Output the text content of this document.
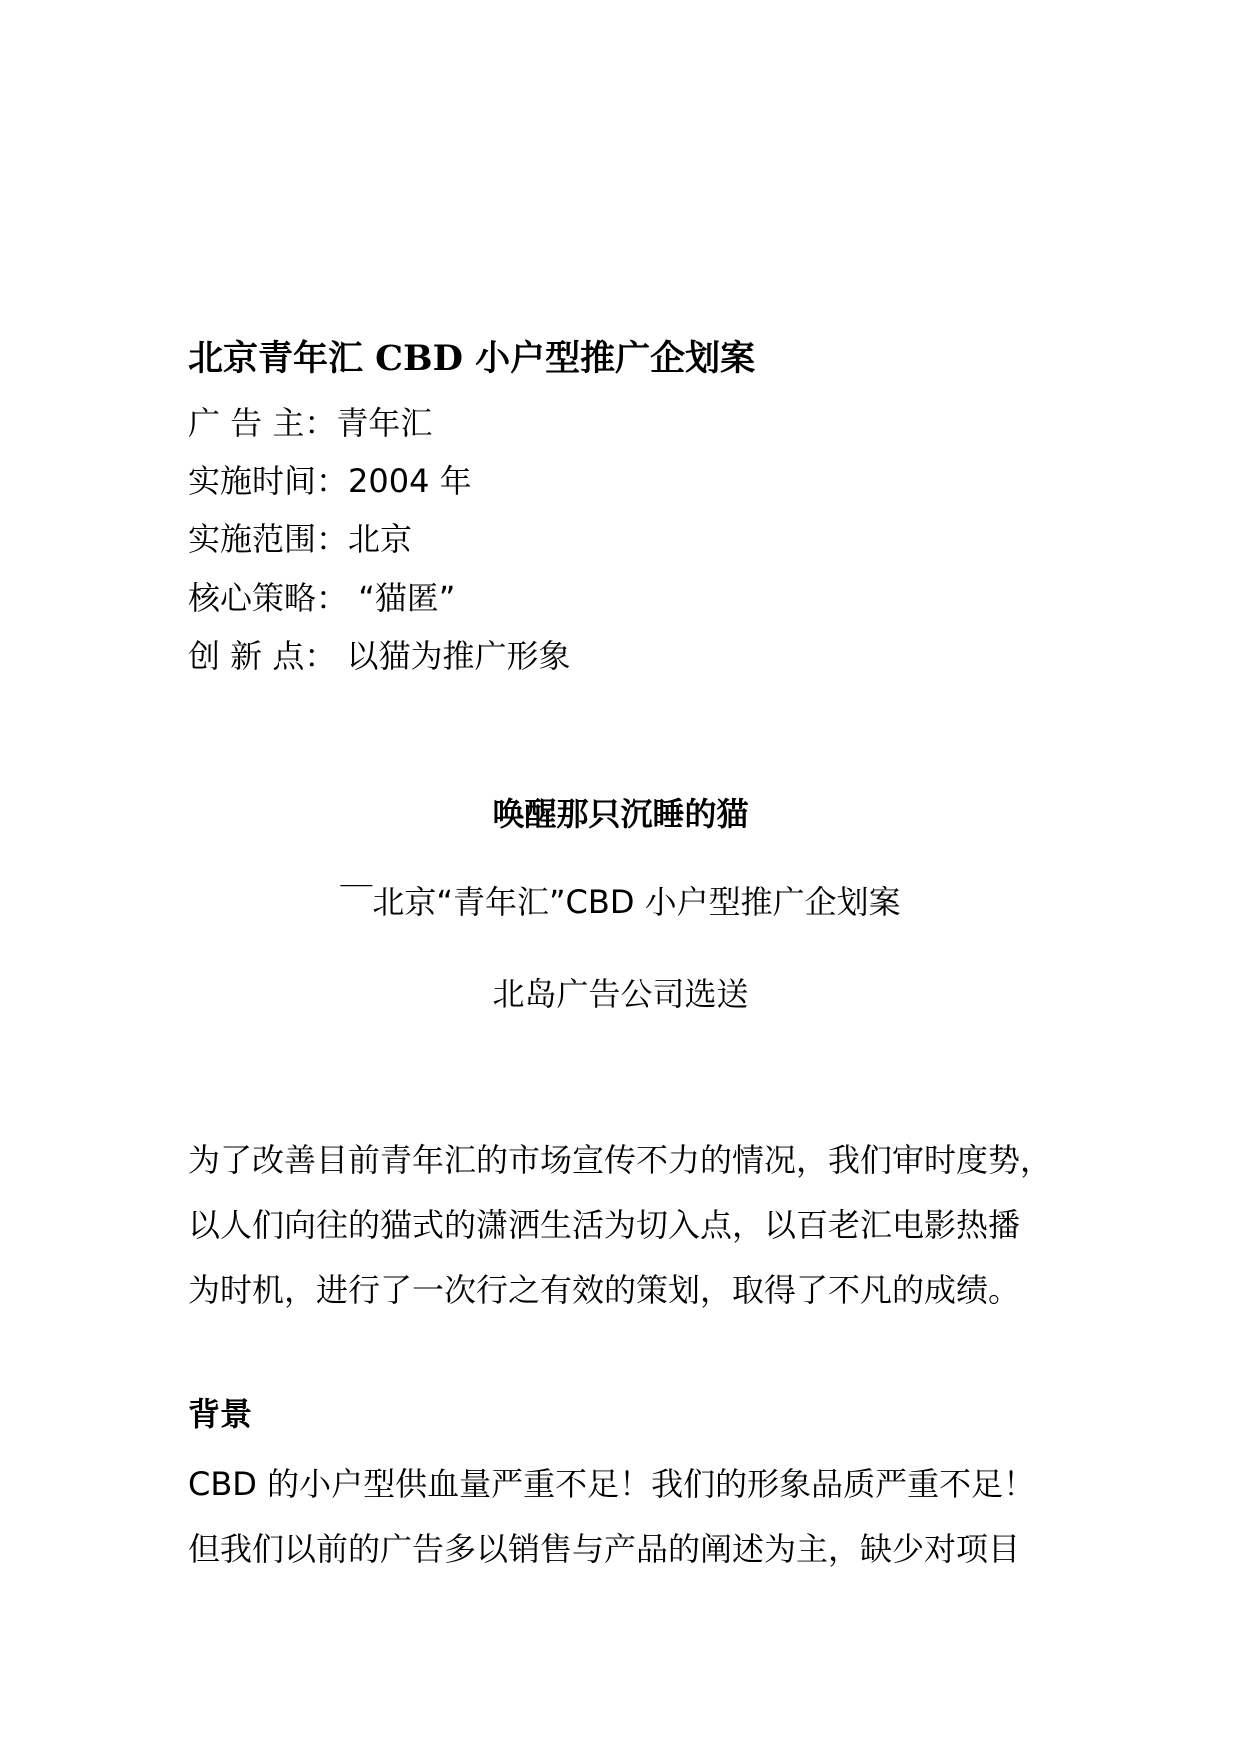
北京青年汇 CBD 小户型推广企划案
广 告 主：青年汇
实施时间：2004 年
实施范围：北京
核心策略： “猫匿”
创 新 点： 以猫为推广形象
唤醒那只沉睡的猫
￣北京“青年汇”CBD 小户型推广企划案
北岛广告公司选送
为了改善目前青年汇的市场宣传不力的情况，我们审时度势，
以人们向往的猫式的潇洒生活为切入点，以百老汇电影热播
为时机，进行了一次行之有效的策划，取得了不凡的成绩。
背景
CBD 的小户型供血量严重不足！我们的形象品质严重不足！
但我们以前的广告多以销售与产品的阐述为主，缺少对项目
